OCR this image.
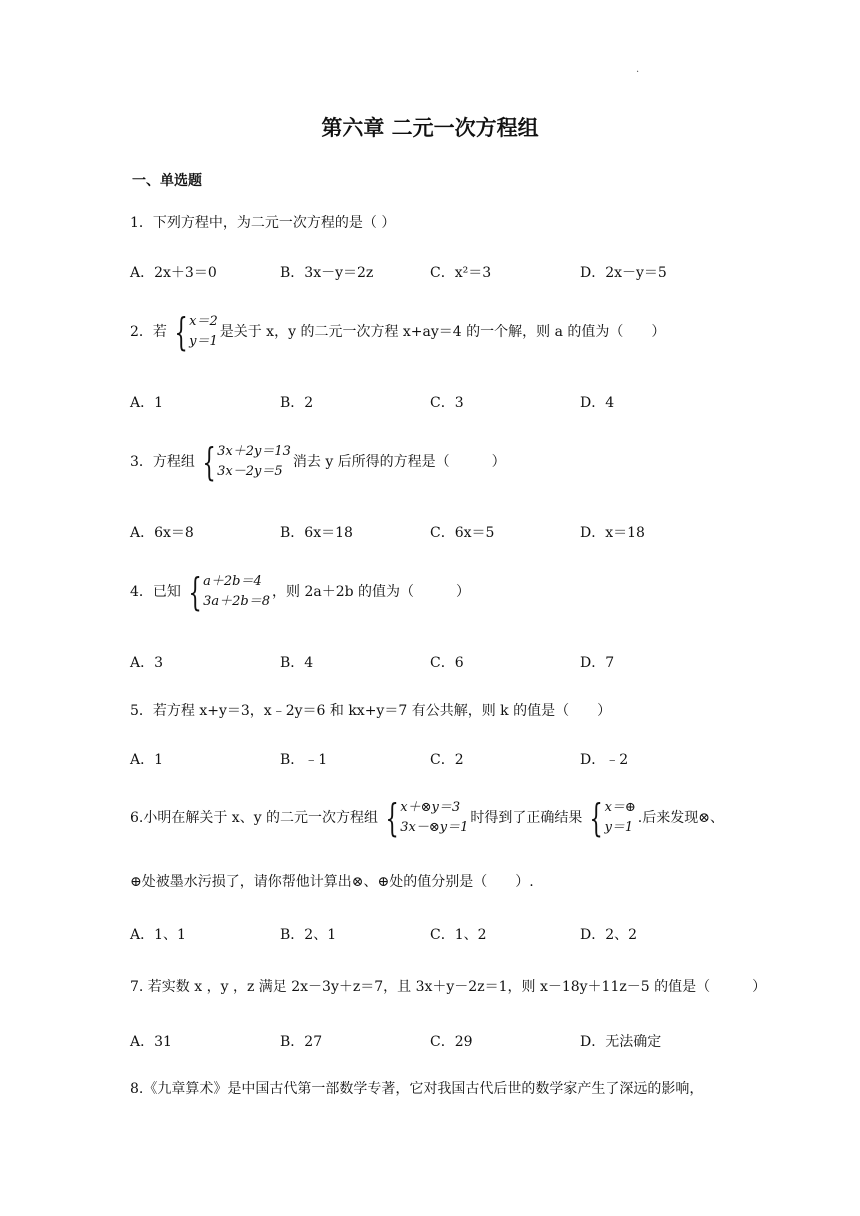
.
第六章 二元一次方程组
一、单选题
1．下列方程中，为二元一次方程的是（ ）
A．2x＋3＝0	B．3x－y＝2z	C．x²＝3	D．2x－y＝5
2．若 { x＝2
y＝1
是关于 x，y 的二元一次方程 x+ay＝4 的一个解，则 a 的值为（　　）
A．1	B．2	C．3	D．4
3．方程组 { 3x＋2y＝13
3x－2y＝5
消去 y 后所得的方程是（　　　）
A．6x＝8	B．6x＝18	C．6x＝5	D．x＝18
4．已知 { a＋2b＝4
3a＋2b＝8
，则 2a＋2b 的值为（　　　）
A．3	B．4	C．6	D．7
5．若方程 x+y＝3，x﹣2y＝6 和 kx+y＝7 有公共解，则 k 的值是（　　）
A．1	B．﹣1	C．2	D．﹣2
6.小明在解关于 x、y 的二元一次方程组 { x＋⊗y＝3
3x－⊗y＝1
时得到了正确结果 { x＝⊕
y＝1
.后来发现⊗、
⊕处被墨水污损了，请你帮他计算出⊗、⊕处的值分别是（　　）.
A．1、1	B．2、1	C．1、2	D．2、2
7. 若实数 x ，y ，z 满足 2x－3y＋z＝7，且 3x＋y－2z＝1，则 x－18y＋11z－5 的值是（　　　）
A．31	B．27	C．29	D．无法确定
8.《九章算术》是中国古代第一部数学专著，它对我国古代后世的数学家产生了深远的影响，
